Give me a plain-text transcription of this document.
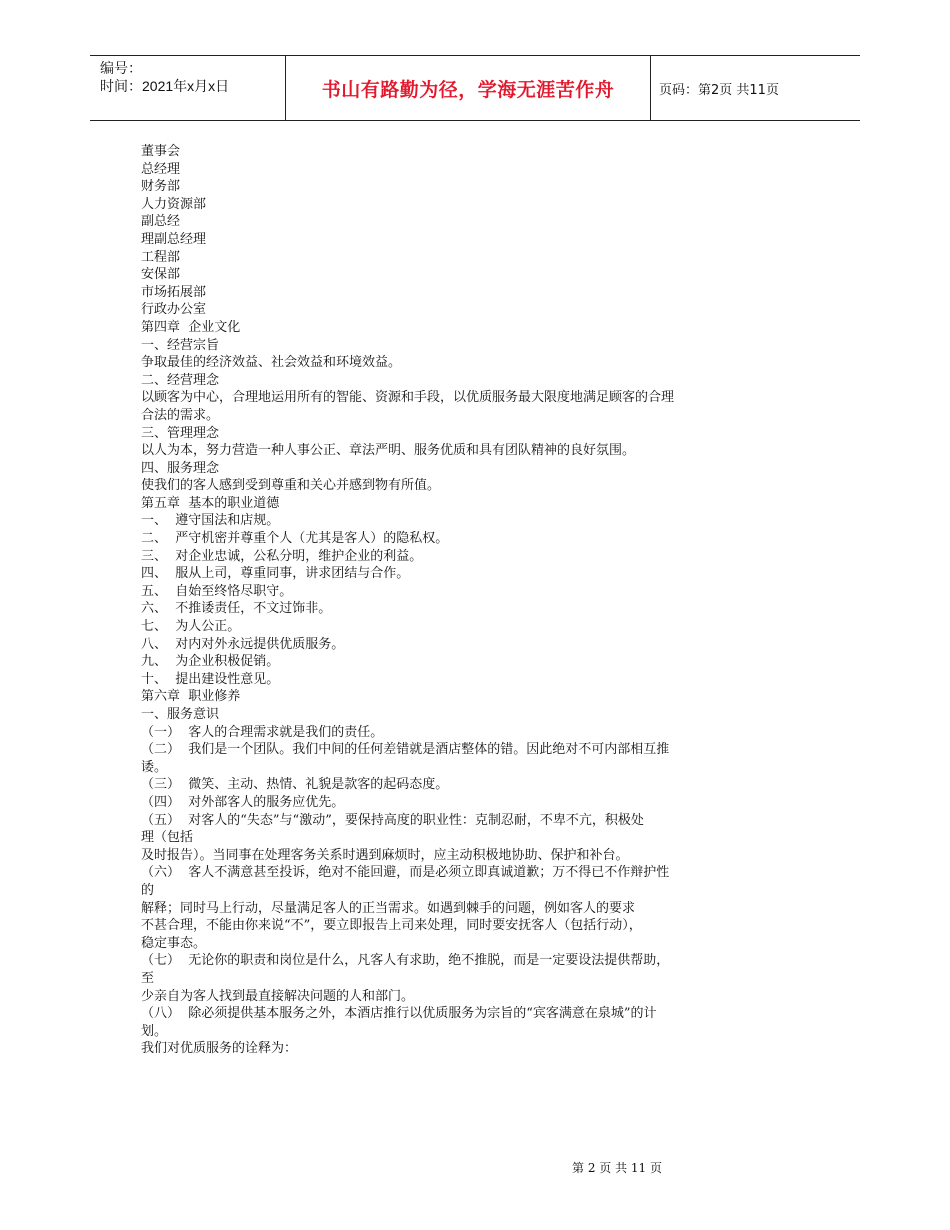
编号：
时间：2021年x月x日	书山有路勤为径，学海无涯苦作舟	页码：第2页 共11页
董事会
总经理
财务部
人力资源部
副总经
理副总经理
工程部
安保部
市场拓展部
行政办公室
第四章  企业文化
一、经营宗旨
争取最佳的经济效益、社会效益和环境效益。
二、经营理念
以顾客为中心，合理地运用所有的智能、资源和手段，以优质服务最大限度地满足顾客的合理
合法的需求。
三、管理理念
以人为本，努力营造一种人事公正、章法严明、服务优质和具有团队精神的良好氛围。
四、服务理念
使我们的客人感到受到尊重和关心并感到物有所值。
第五章  基本的职业道德
一、  遵守国法和店规。
二、  严守机密并尊重个人（尤其是客人）的隐私权。
三、  对企业忠诚，公私分明，维护企业的利益。
四、  服从上司，尊重同事，讲求团结与合作。
五、  自始至终恪尽职守。
六、  不推诿责任，不文过饰非。
七、  为人公正。
八、  对内对外永远提供优质服务。
九、  为企业积极促销。
十、  提出建设性意见。
第六章  职业修养
一、服务意识
（一）  客人的合理需求就是我们的责任。
（二）  我们是一个团队。我们中间的任何差错就是酒店整体的错。因此绝对不可内部相互推
诿。
（三）  微笑、主动、热情、礼貌是款客的起码态度。
（四）  对外部客人的服务应优先。
（五）  对客人的“失态”与“激动”，要保持高度的职业性：克制忍耐，不卑不亢，积极处
理（包括
及时报告）。当同事在处理客务关系时遇到麻烦时，应主动积极地协助、保护和补台。
（六）  客人不满意甚至投诉，绝对不能回避，而是必须立即真诚道歉；万不得已不作辩护性
的
解释；同时马上行动，尽量满足客人的正当需求。如遇到棘手的问题，例如客人的要求
不甚合理，不能由你来说“不”，要立即报告上司来处理，同时要安抚客人（包括行动），
稳定事态。
（七）  无论你的职责和岗位是什么，凡客人有求助，绝不推脱，而是一定要设法提供帮助，
至
少亲自为客人找到最直接解决问题的人和部门。
（八）  除必须提供基本服务之外，本酒店推行以优质服务为宗旨的“宾客满意在泉城”的计
划。
我们对优质服务的诠释为：
第 2 页 共 11 页
